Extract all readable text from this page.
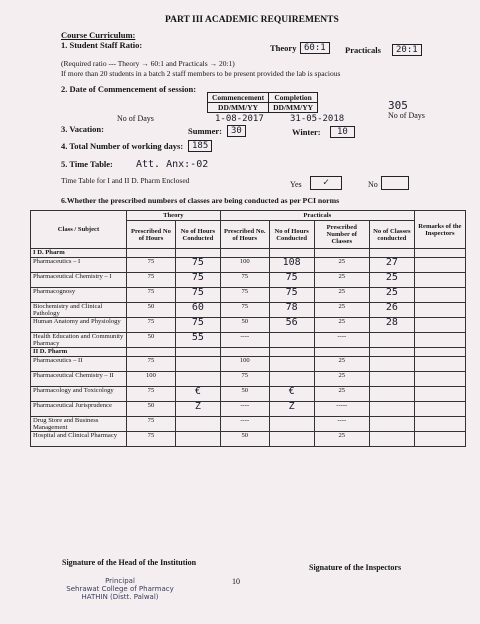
PART III ACADEMIC REQUIREMENTS
Course Curriculum:
1. Student Staff Ratio:	Theory 60:1	Practicals	20:1
(Required ratio --- Theory → 60:1 and Practicals → 20:1)
If more than 20 students in a batch 2 staff members to be present provided the lab is spacious
2. Date of Commencement of session:
Commencement	Completion
DD/MM/YY	DD/MM/YY
No of Days	1-08-2017	31-05-2018
305
No of Days
3. Vacation:	Summer:	30	Winter:	10
4. Total Number of working days: 185
5. Time Table: Att. Anx:-02
Time Table for I and II D. Pharm Enclosed	Yes	✓	No
6.Whether the prescribed numbers of classes are being conducted as per PCI norms
Class / Subject	Theory		Practicals				Remarks of the Inspectors
	Prescribed No of Hours	No of Hours Conducted	Prescribed No. of Hours	No of Hours Conducted	Prescribed Number of Classes	No of Classes conducted	
I D. Pharm							
Pharmaceutics – I	75	75	100	108	25	27	
Pharmaceutical Chemistry – I	75	75	75	75	25	25	
Pharmacognosy	75	75	75	75	25	25	
Biochemistry and Clinical Pathology	50	60	75	78	25	26	
Human Anatomy and Physiology	75	75	50	56	25	28	
Health Education and Community Pharmacy	50	55	----		----		
II D. Pharm							
Pharmaceutics – II	75		100		25		
Pharmaceutical Chemistry – II	100		75		25		
Pharmacology and Toxicology	75	€	50	€	25		
Pharmaceutical Jurisprudence	50	Z	----	Z	-----		
Drug Store and Business Management	75		----		----		
Hospital and Clinical Pharmacy	75		50		25		
Signature of the Head of the Institution
Signature of the Inspectors
10
Principal
Sehrawat College of Pharmacy
HATHIN (Distt. Palwal)
